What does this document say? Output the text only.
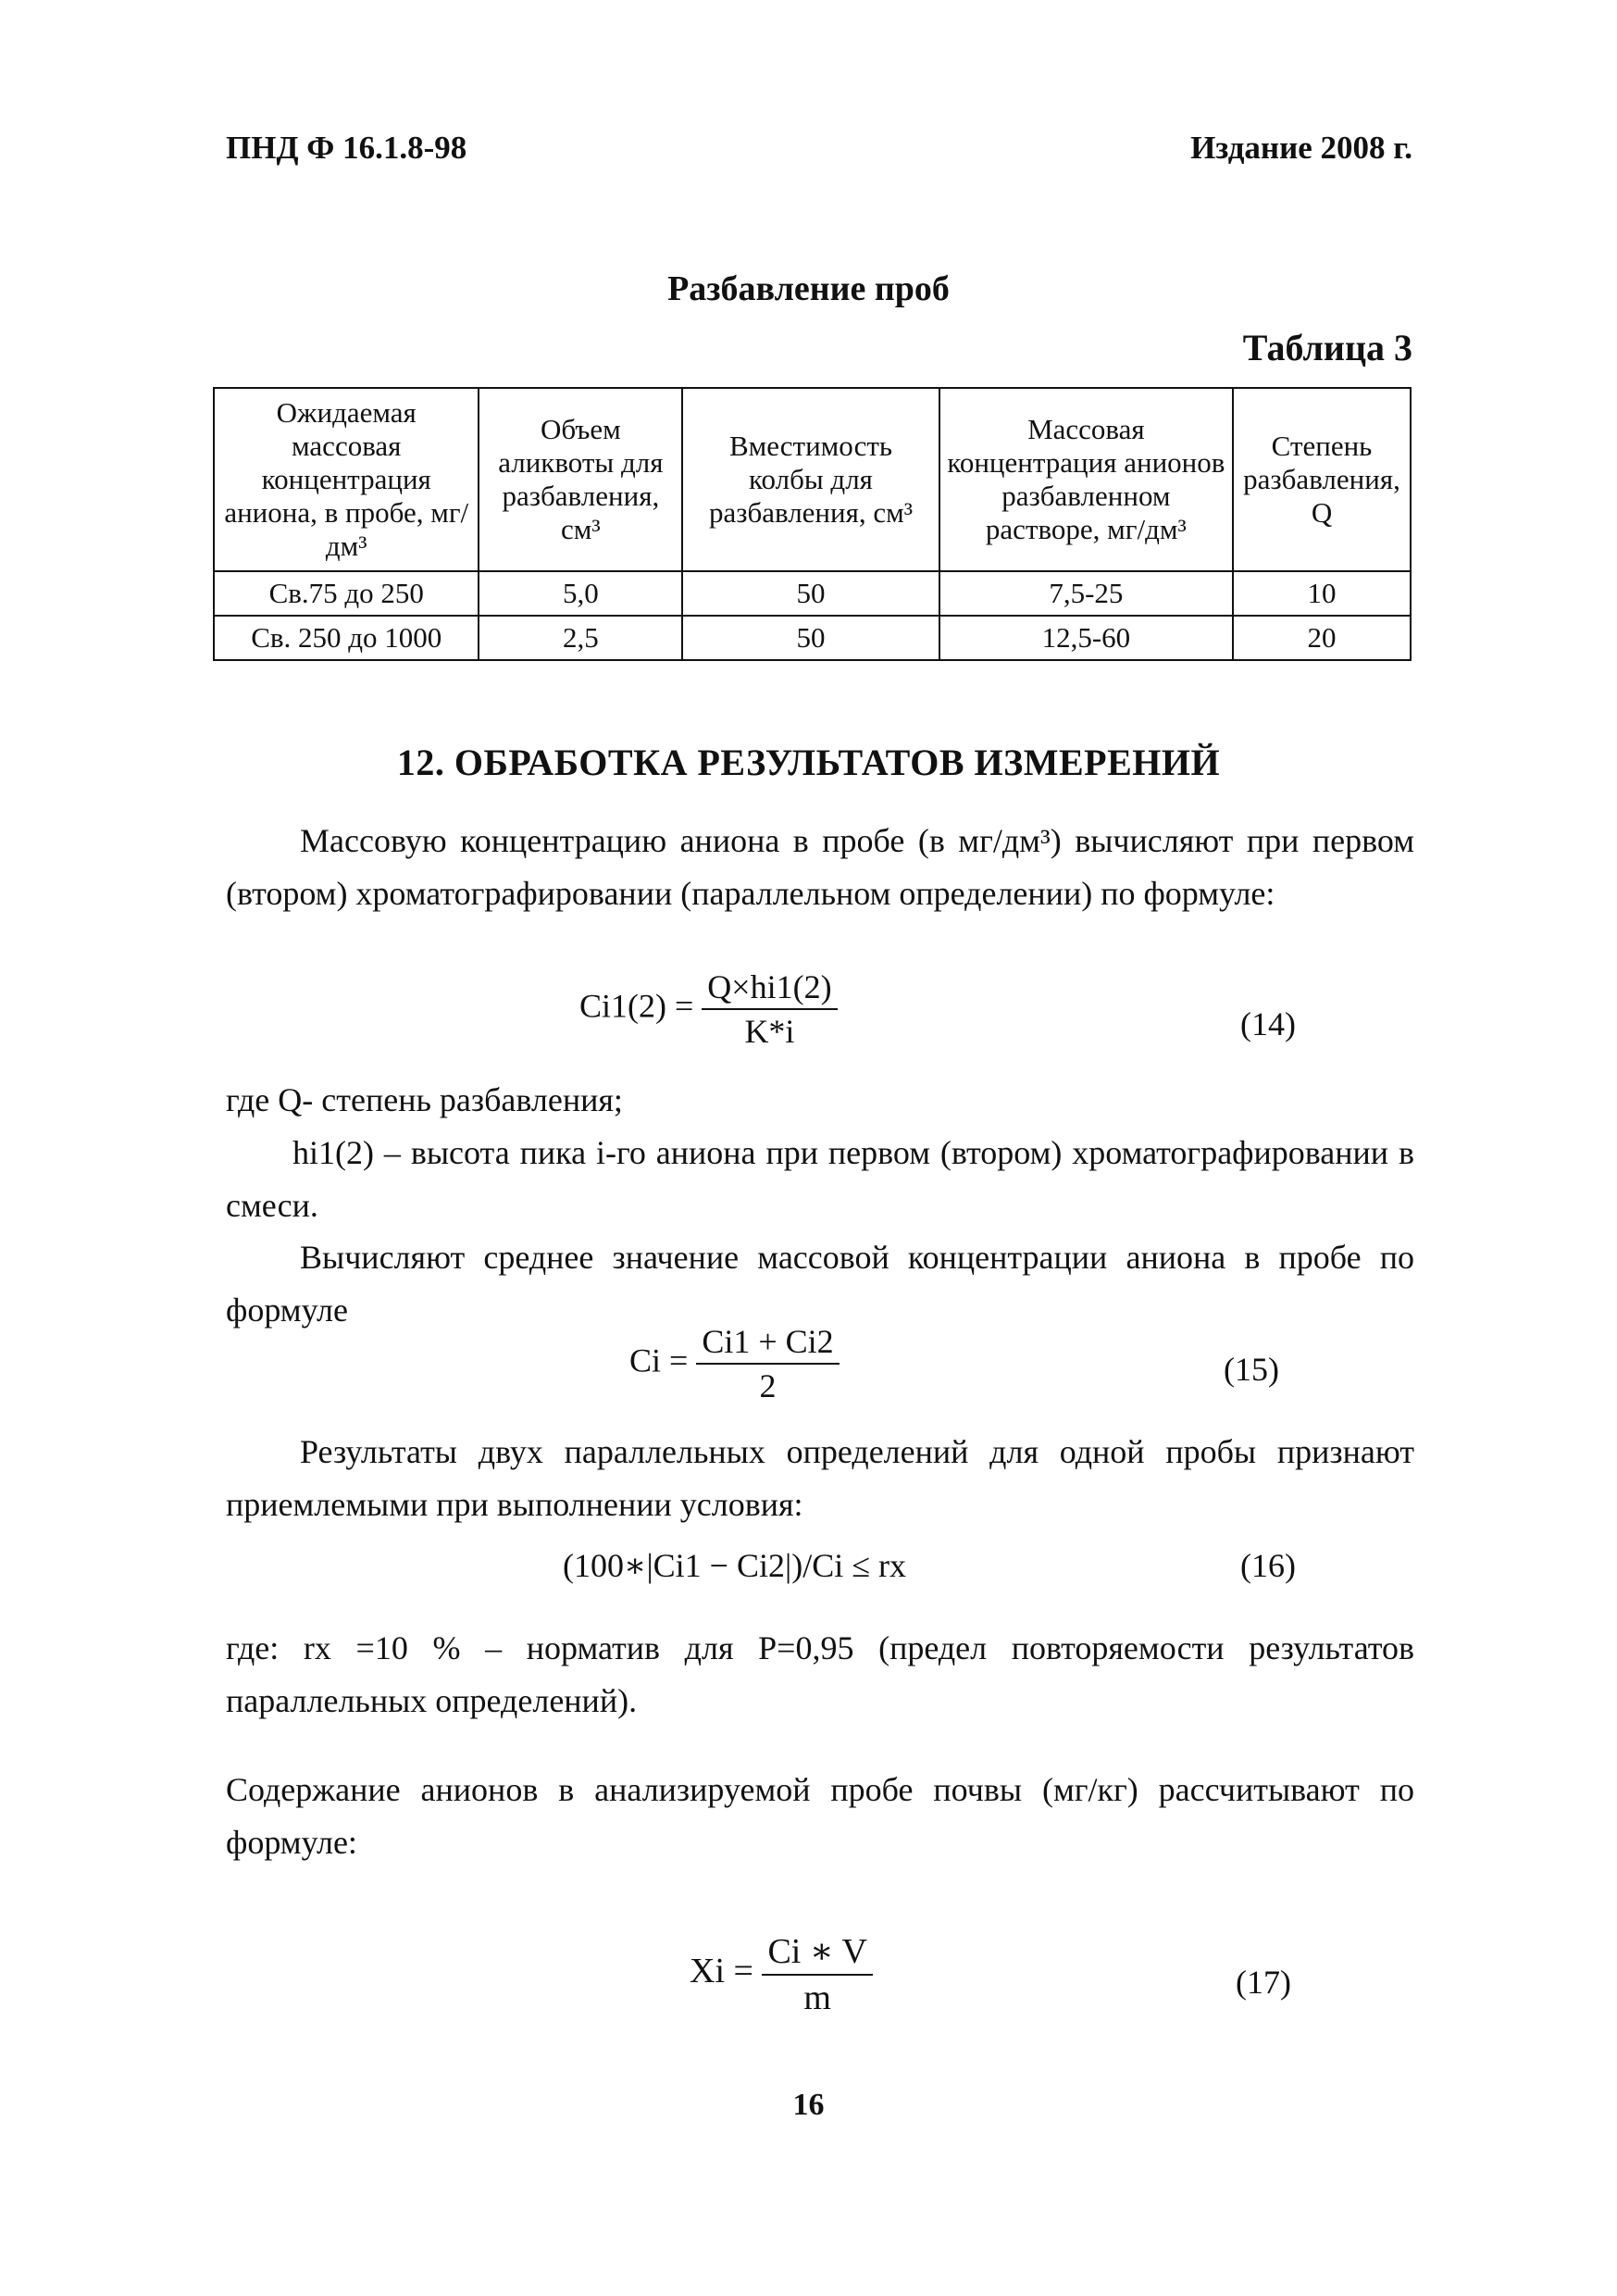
ПНД Ф 16.1.8-98	Издание 2008 г.
Разбавление проб
Таблица 3
Ожидаемая массовая концентрация аниона, в пробе, мг/дм³	Объем аликвоты для разбавления, см³	Вместимость колбы для разбавления, см³	Массовая концентрация анионов разбавленном растворе, мг/дм³	Степень разбавления, Q
Св.75 до 250	5,0	50	7,5-25	10
Св. 250 до 1000	2,5	50	12,5-60	20
12. ОБРАБОТКА РЕЗУЛЬТАТОВ ИЗМЕРЕНИЙ
Массовую концентрацию аниона в пробе (в мг/дм³) вычисляют при первом (втором) хроматографировании (параллельном определении) по формуле:
$Ci1(2) = \frac{Q\times hi1(2)}{K*i}$	(14)
где Q- степень разбавления;
hi1(2) – высота пика i-го аниона при первом (втором) хроматографировании в смеси.
Вычисляют среднее значение массовой концентрации аниона в пробе по формуле
$Ci = \frac{Ci1 + Ci2}{2}$	(15)
Результаты двух параллельных определений для одной пробы признают приемлемыми при выполнении условия:
(100∗|Ci1 − Ci2|)/Ci ≤ rx	(16)
где: rx =10 % – норматив для Р=0,95 (предел повторяемости результатов параллельных определений).
Содержание анионов в анализируемой пробе почвы (мг/кг) рассчитывают по формуле:
$Xi = \frac{Ci ∗ V}{m}$	(17)
16
